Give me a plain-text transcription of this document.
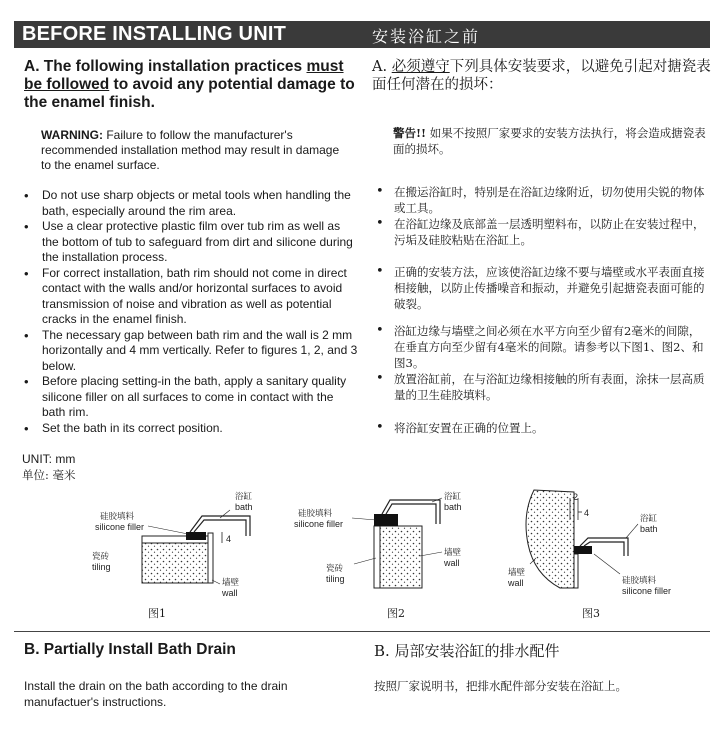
BEFORE INSTALLING UNIT	安装浴缸之前
A. The following installation practices must be followed to avoid any potential damage to the enamel finish.
A. 必须遵守下列具体安装要求，以避免引起对搪瓷表面任何潜在的损坏：
WARNING: Failure to follow the manufacturer's recommended installation method may result in damage to the enamel surface.
警告!! 如果不按照厂家要求的安装方法执行，将会造成搪瓷表面的损坏。
• Do not use sharp objects or metal tools when handling the bath, especially around the rim area.
• Use a clear protective plastic film over tub rim as well as the bottom of tub to safeguard from dirt and silicone during the installation process.
• For correct installation, bath rim should not come in direct contact with the walls and/or horizontal surfaces to avoid transmission of noise and vibration as well as potential cracks in the enamel finish.
• The necessary gap between bath rim and the wall is 2 mm horizontally and 4 mm vertically. Refer to figures 1, 2, and 3 below.
• Before placing setting-in the bath, apply a sanitary quality silicone filler on all surfaces to come in contact with the bath rim.
• Set the bath in its correct position.
• 在搬运浴缸时，特别是在浴缸边缘附近，切勿使用尖锐的物体或工具。
• 在浴缸边缘及底部盖一层透明塑料布，以防止在安装过程中，污垢及硅胶粘贴在浴缸上。
• 正确的安装方法，应该使浴缸边缘不要与墙壁或水平表面直接相接触，以防止传播噪音和振动，并避免引起搪瓷表面可能的破裂。
• 浴缸边缘与墙壁之间必须在水平方向至少留有2毫米的间隙，在垂直方向至少留有4毫米的间隙。请参考以下图1、图2、和图3。
• 放置浴缸前，在与浴缸边缘相接触的所有表面，涂抹一层高质量的卫生硅胶填料。
• 将浴缸安置在正确的位置上。
UNIT: mm
单位: 毫米
浴缸
bath
硅胶填料
silicone filler
4
瓷砖
tiling
墙壁
wall
图1
浴缸
bath
硅胶填料
silicone filler
墙壁
wall
瓷砖
tiling
图2
2
4
浴缸
bath
墙壁
wall	硅胶填料
silicone filler
图3
B. Partially Install Bath Drain	B. 局部安装浴缸的排水配件
Install the drain on the bath according to the drain manufactuer's instructions.
按照厂家说明书，把排水配件部分安装在浴缸上。
